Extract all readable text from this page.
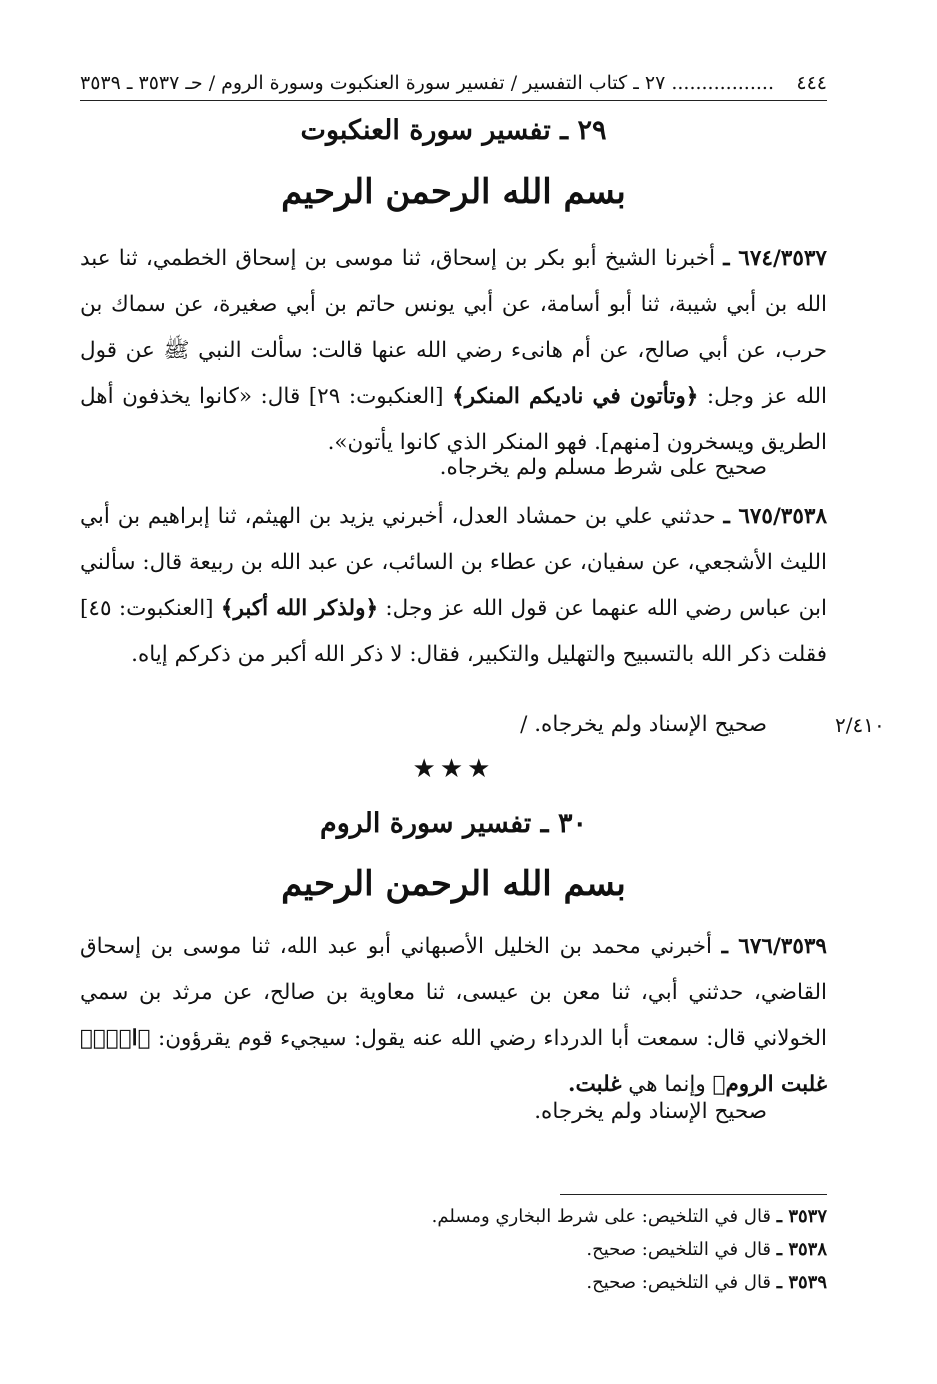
٤٤٤
................. ٢٧ ـ كتاب التفسير / تفسير سورة العنكبوت وسورة الروم / حـ ٣٥٣٧ ـ ٣٥٣٩
٢٩ ـ تفسير سورة العنكبوت
بسم الله الرحمن الرحيم
٦٧٤/٣٥٣٧ ـ أخبرنا الشيخ أبو بكر بن إسحاق، ثنا موسى بن إسحاق الخطمي، ثنا عبد الله بن أبي شيبة، ثنا أبو أسامة، عن أبي يونس حاتم بن أبي صغيرة، عن سماك بن حرب، عن أبي صالح، عن أم هانىء رضي الله عنها قالت: سألت النبي ﷺ عن قول الله عز وجل: ﴿وتأتون في ناديكم المنكر﴾ [العنكبوت: ٢٩] قال: «كانوا يخذفون أهل الطريق ويسخرون [منهم]. فهو المنكر الذي كانوا يأتون».
صحيح على شرط مسلم ولم يخرجاه.
٦٧٥/٣٥٣٨ ـ حدثني علي بن حمشاد العدل، أخبرني يزيد بن الهيثم، ثنا إبراهيم بن أبي الليث الأشجعي، عن سفيان، عن عطاء بن السائب، عن عبد الله بن ربيعة قال: سألني ابن عباس رضي الله عنهما عن قول الله عز وجل: ﴿ولذكر الله أكبر﴾ [العنكبوت: ٤٥] فقلت ذكر الله بالتسبيح والتهليل والتكبير، فقال: لا ذكر الله أكبر من ذكركم إياه.
صحيح الإسناد ولم يخرجاه. /	٢/٤١٠
★★★
٣٠ ـ تفسير سورة الروم
بسم الله الرحمن الرحيم
٦٧٦/٣٥٣٩ ـ أخبرني محمد بن الخليل الأصبهاني أبو عبد الله، ثنا موسى بن إسحاق القاضي، حدثني أبي، ثنا معن بن عيسى، ثنا معاوية بن صالح، عن مرثد بن سمي الخولاني قال: سمعت أبا الدرداء رضي الله عنه يقول: سيجيء قوم يقرؤون: ﴿الۤمۤ غلبت الروم﴾ وإنما هي غلبت.
صحيح الإسناد ولم يخرجاه.
٣٥٣٧ ـ قال في التلخيص: على شرط البخاري ومسلم.
٣٥٣٨ ـ قال في التلخيص: صحيح.
٣٥٣٩ ـ قال في التلخيص: صحيح.
